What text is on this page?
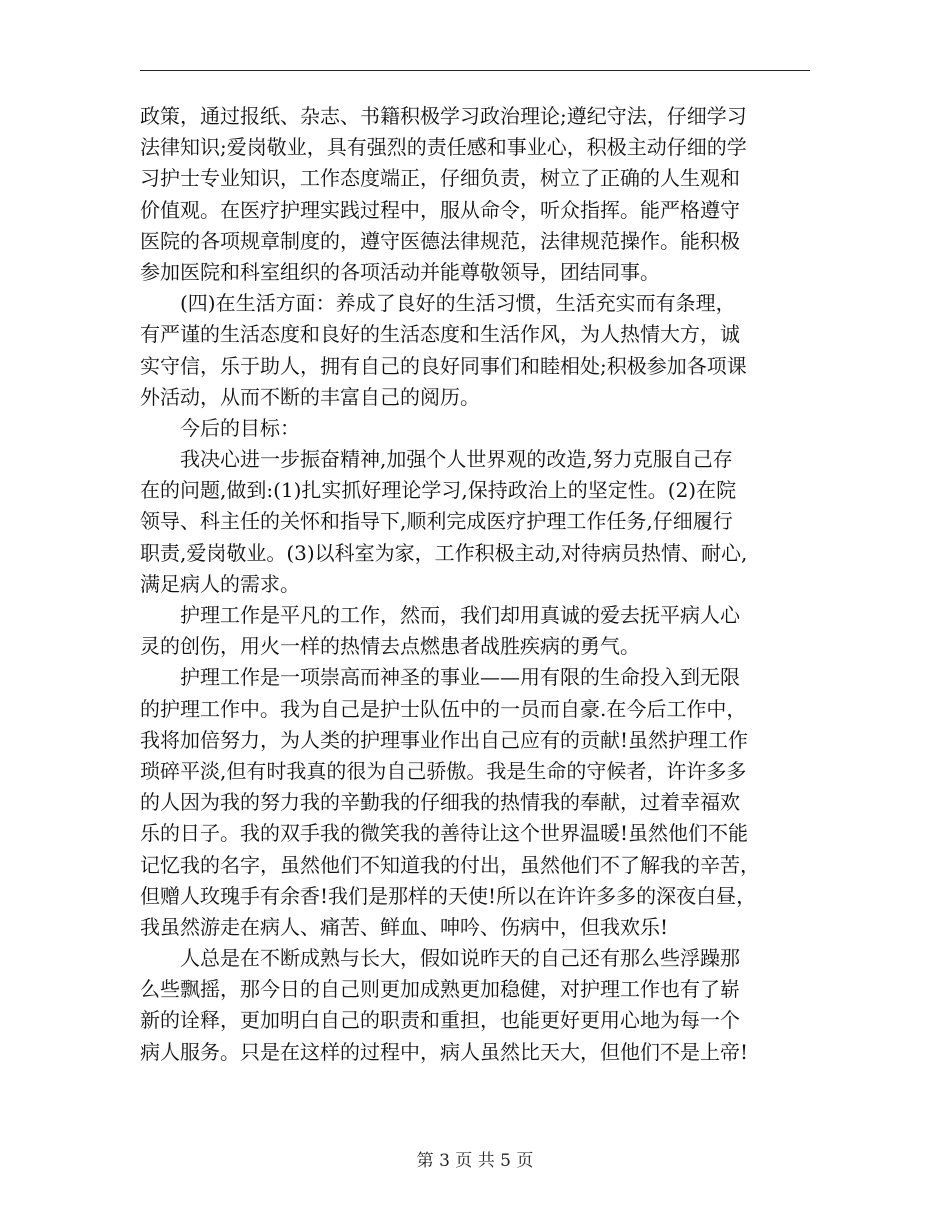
政策，通过报纸、杂志、书籍积极学习政治理论;遵纪守法，仔细学习
法律知识;爱岗敬业，具有强烈的责任感和事业心，积极主动仔细的学
习护士专业知识，工作态度端正，仔细负责，树立了正确的人生观和
价值观。在医疗护理实践过程中，服从命令，听众指挥。能严格遵守
医院的各项规章制度的，遵守医德法律规范，法律规范操作。能积极
参加医院和科室组织的各项活动并能尊敬领导，团结同事。
　　(四)在生活方面：养成了良好的生活习惯，生活充实而有条理，
有严谨的生活态度和良好的生活态度和生活作风，为人热情大方，诚
实守信，乐于助人，拥有自己的良好同事们和睦相处;积极参加各项课
外活动，从而不断的丰富自己的阅历。
　　今后的目标：
　　我决心进一步振奋精神,加强个人世界观的改造,努力克服自己存
在的问题,做到:(1)扎实抓好理论学习,保持政治上的坚定性。(2)在院
领导、科主任的关怀和指导下,顺利完成医疗护理工作任务,仔细履行
职责,爱岗敬业。(3)以科室为家，工作积极主动,对待病员热情、耐心,
满足病人的需求。
　　护理工作是平凡的工作，然而，我们却用真诚的爱去抚平病人心
灵的创伤，用火一样的热情去点燃患者战胜疾病的勇气。
　　护理工作是一项崇高而神圣的事业——用有限的生命投入到无限
的护理工作中。我为自己是护士队伍中的一员而自豪.在今后工作中，
我将加倍努力，为人类的护理事业作出自己应有的贡献!虽然护理工作
琐碎平淡,但有时我真的很为自己骄傲。我是生命的守候者，许许多多
的人因为我的努力我的辛勤我的仔细我的热情我的奉献，过着幸福欢
乐的日子。我的双手我的微笑我的善待让这个世界温暖!虽然他们不能
记忆我的名字，虽然他们不知道我的付出，虽然他们不了解我的辛苦，
但赠人玫瑰手有余香!我们是那样的天使!所以在许许多多的深夜白昼，
我虽然游走在病人、痛苦、鲜血、呻吟、伤病中，但我欢乐!
　　人总是在不断成熟与长大，假如说昨天的自己还有那么些浮躁那
么些飘摇，那今日的自己则更加成熟更加稳健，对护理工作也有了崭
新的诠释，更加明白自己的职责和重担，也能更好更用心地为每一个
病人服务。只是在这样的过程中，病人虽然比天大，但他们不是上帝!
第 3 页 共 5 页
